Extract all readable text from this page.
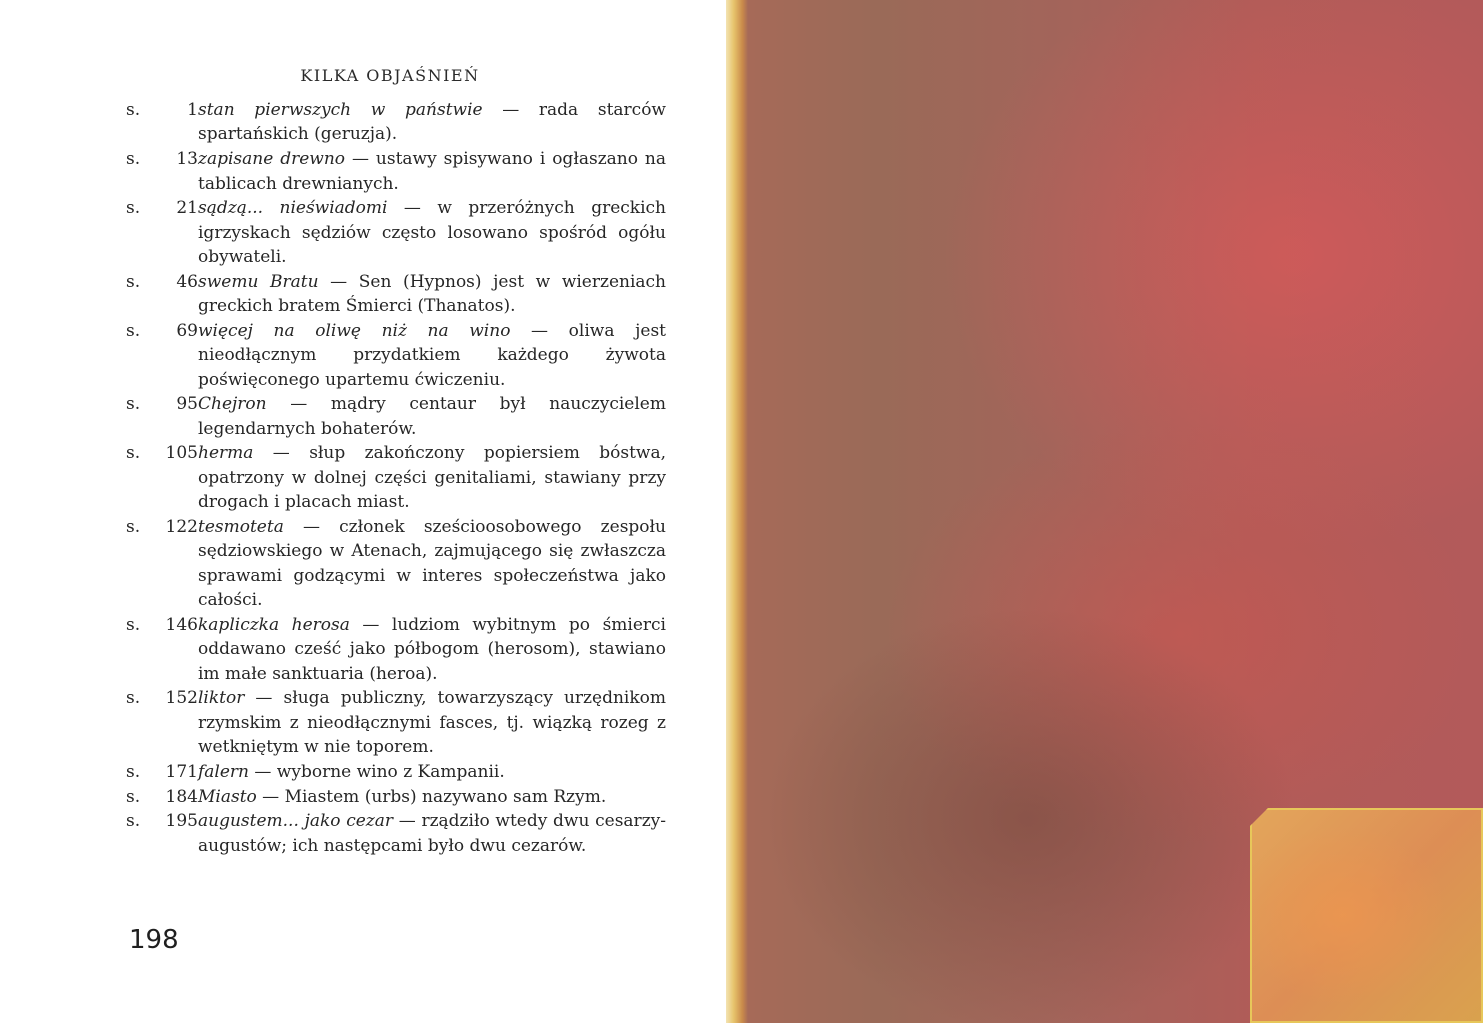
KILKA OBJAŚNIEŃ
s.	1 stan pierwszych w państwie — rada starców spartańskich (geruzja).
s.	13 zapisane drewno — ustawy spisywano i ogłaszano na tablicach drewnianych.
s.	21 sądzą... nieświadomi — w przeróżnych greckich igrzyskach sędziów często losowano spośród ogółu obywateli.
s.	46 swemu Bratu — Sen (Hypnos) jest w wierzeniach greckich bratem Śmierci (Thanatos).
s.	69 więcej na oliwę niż na wino — oliwa jest nieodłącznym przydatkiem każdego żywota poświęconego upartemu ćwiczeniu.
s.	95 Chejron — mądry centaur był nauczycielem legendarnych bohaterów.
s.	105 herma — słup zakończony popiersiem bóstwa, opatrzony w dolnej części genitaliami, stawiany przy drogach i placach miast.
s.	122 tesmoteta — członek sześcioosobowego zespołu sędziowskiego w Atenach, zajmującego się zwłaszcza sprawami godzącymi w interes społeczeństwa jako całości.
s.	146 kapliczka herosa — ludziom wybitnym po śmierci oddawano cześć jako półbogom (herosom), stawiano im małe sanktuaria (heroa).
s.	152 liktor — sługa publiczny, towarzyszący urzędnikom rzymskim z nieodłącznymi fasces, tj. wiązką rozeg z wetkniętym w nie toporem.
s.	171 falern — wyborne wino z Kampanii.
s.	184 Miasto — Miastem (urbs) nazywano sam Rzym.
s.	195 augustem... jako cezar — rządziło wtedy dwu cesarzy-augustów; ich następcami było dwu cezarów.
198
